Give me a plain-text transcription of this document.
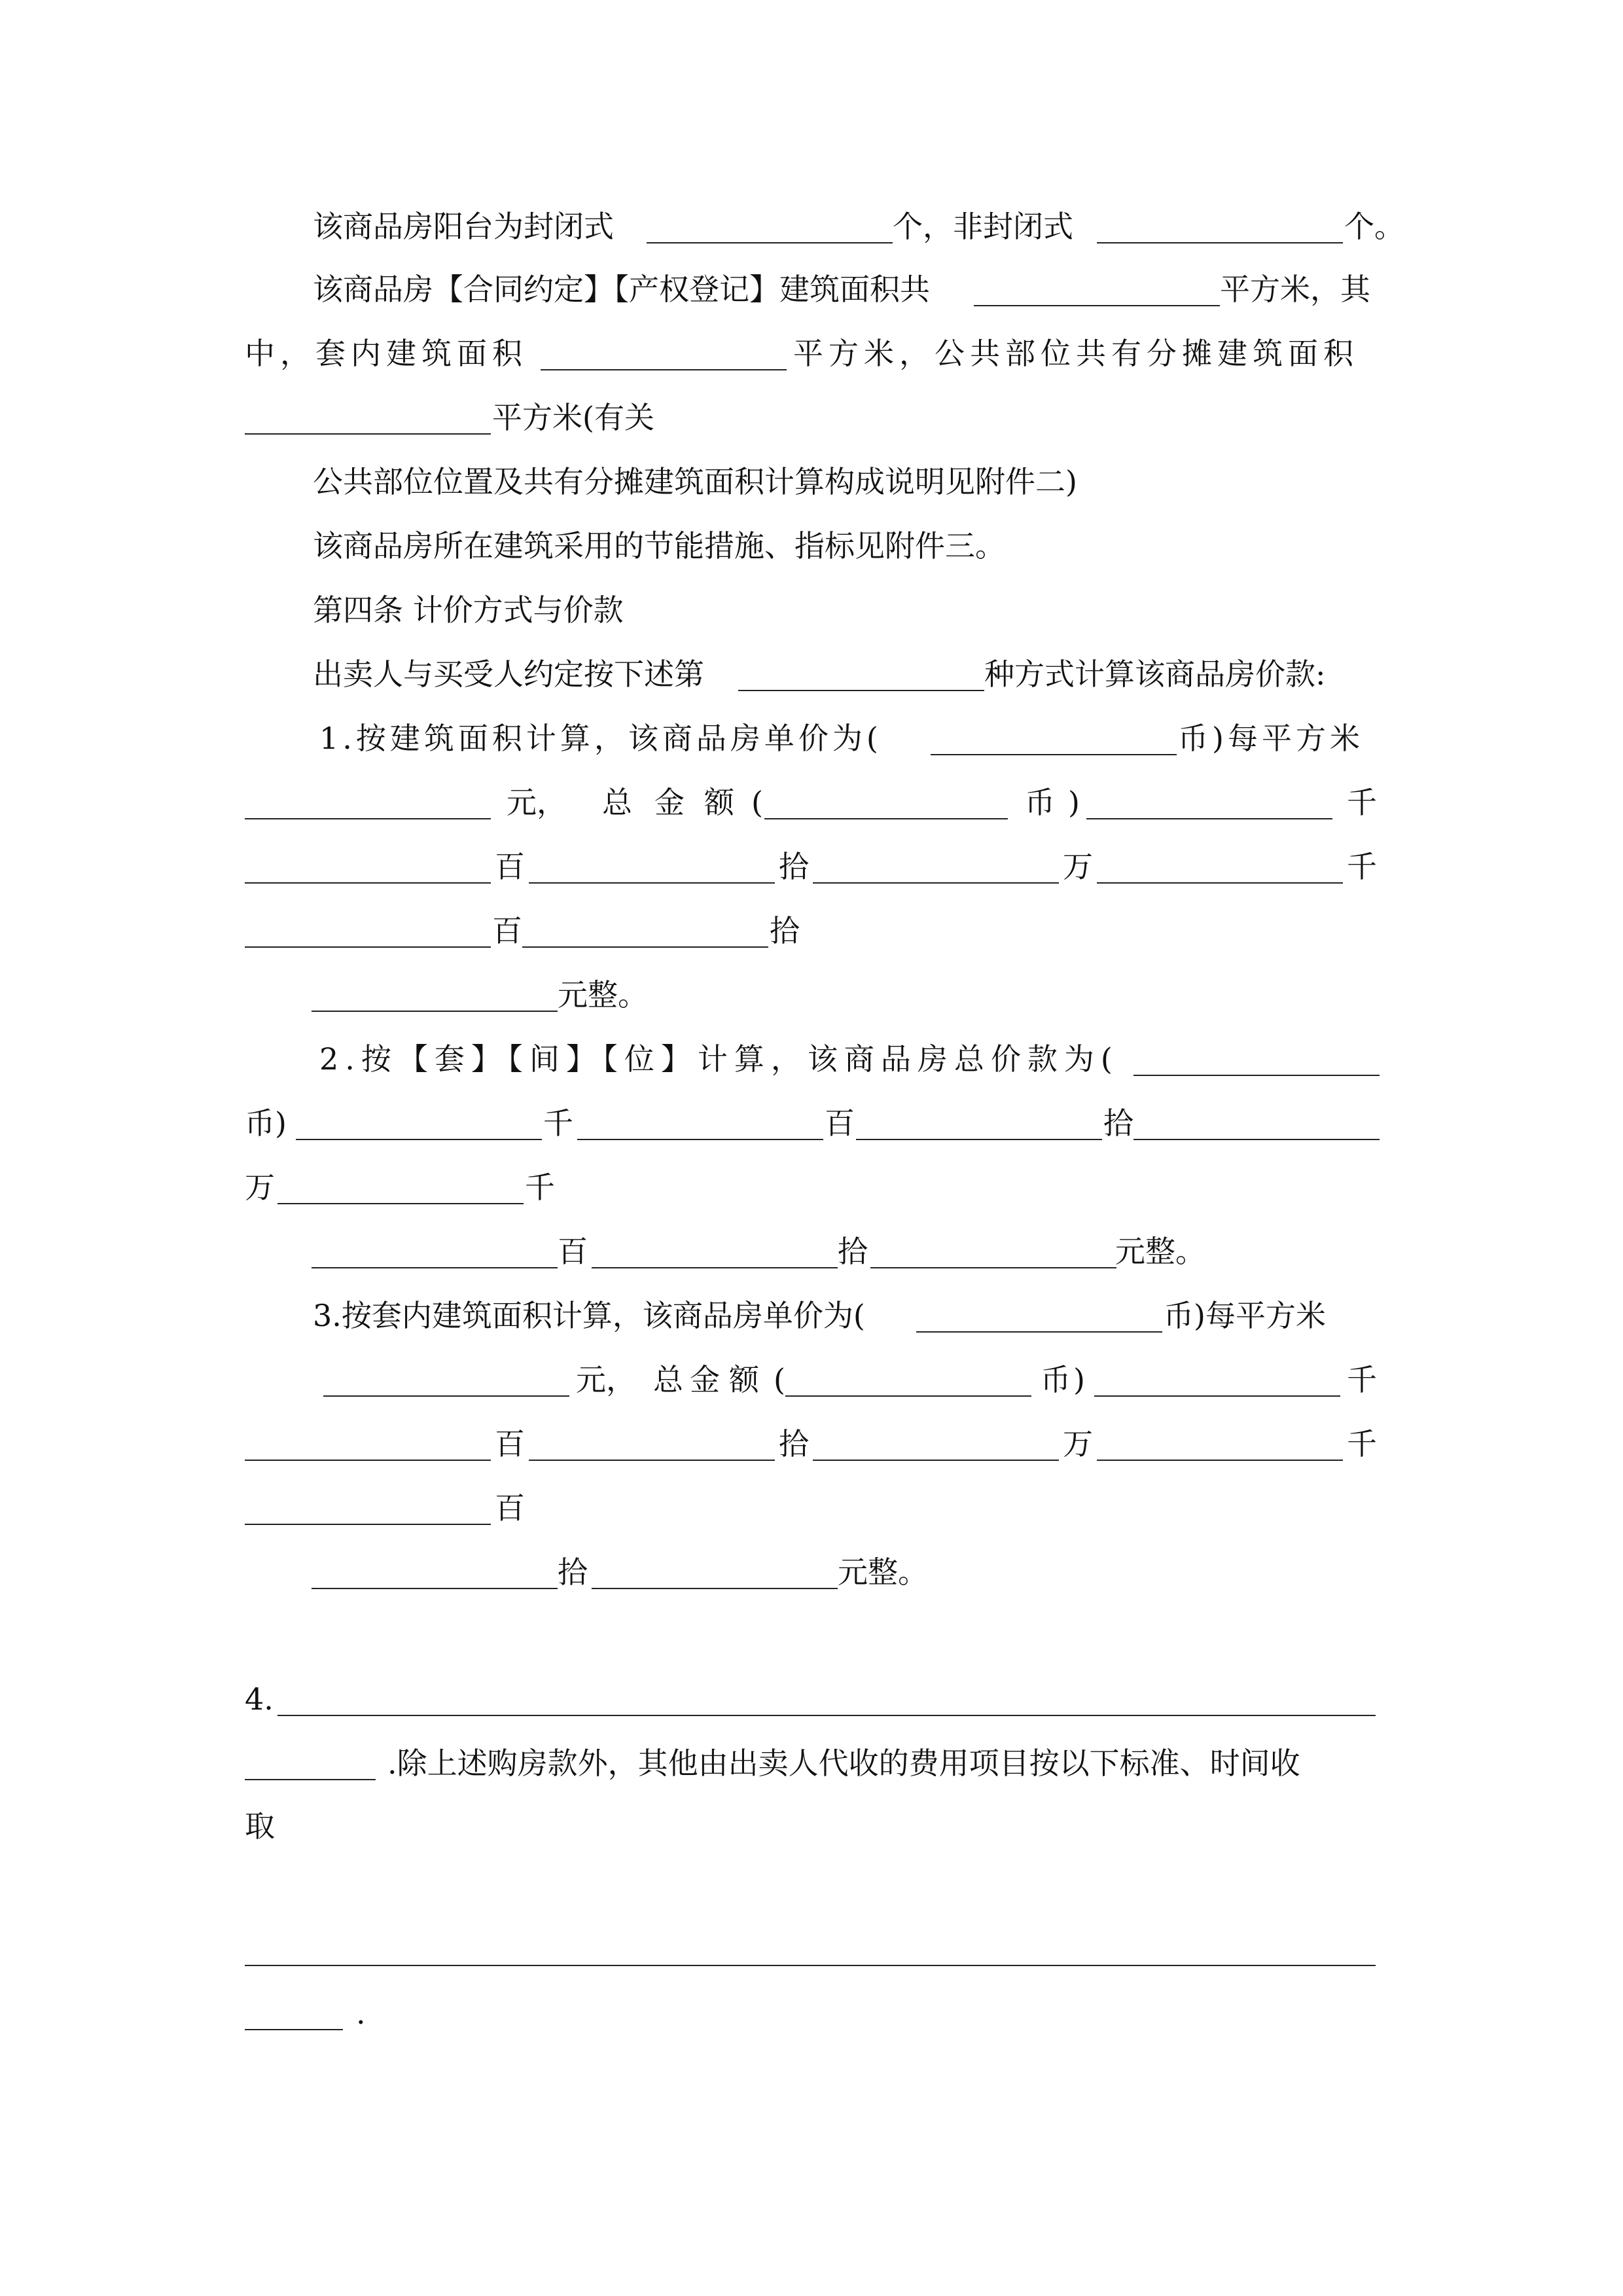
该商品房阳台为封闭式	个，非封闭式	个。
该商品房【合同约定】【产权登记】建筑面积共	平方米，其
中，套内建筑面积	平方米，公共部位共有分摊建筑面积
平方米(有关
公共部位位置及共有分摊建筑面积计算构成说明见附件二)
该商品房所在建筑采用的节能措施、指标见附件三。
第四条 计价方式与价款
出卖人与买受人约定按下述第	种方式计算该商品房价款:
1.按建筑面积计算，该商品房单价为(	币)每平方米
元， 总 金 额 (	币 )	千
百	拾	万	千
百	拾
元整。
2.按【套】【间】【位】计算，该商品房总价款为(
币)	千	百	拾
万	千
百	拾	元整。
3.按套内建筑面积计算，该商品房单价为(	币)每平方米
元， 总 金 额 (	币 )	千
百	拾	万	千
百
拾	元整。
4.
.除上述购房款外，其他由出卖人代收的费用项目按以下标准、时间收
取
.
